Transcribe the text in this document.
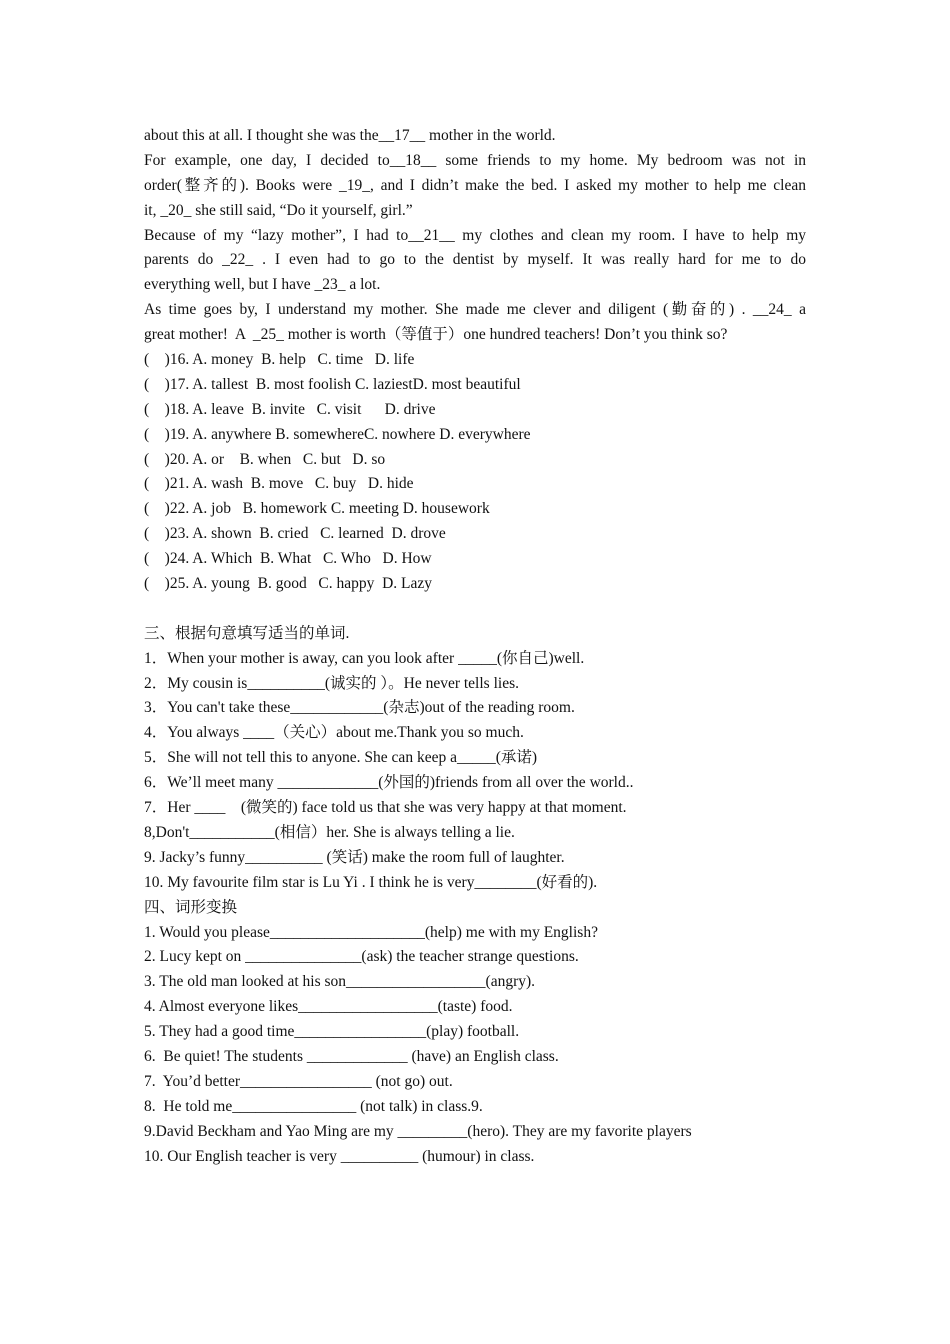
about this at all. I thought she was the__17__ mother in the world.
For example, one day, I decided to__18__ some friends to my home. My bedroom was not in
order(整齐的). Books were _19_, and I didn’t make the bed. I asked my mother to help me clean
it, _20_ she still said, “Do it yourself, girl.”
Because of my “lazy mother”, I had to__21__ my clothes and clean my room. I have to help my
parents do _22_ . I even had to go to the dentist by myself. It was really hard for me to do
everything well, but I have _23_ a lot.
As time goes by, I understand my mother. She made me clever and diligent (勤奋的) . __24_ a
great mother!  A  _25_ mother is worth（等值于）one hundred teachers! Don’t you think so?
(    )16. A. money  B. help   C. time   D. life
(    )17. A. tallest  B. most foolish C. laziestD. most beautiful
(    )18. A. leave  B. invite   C. visit      D. drive
(    )19. A. anywhere B. somewhereC. nowhere D. everywhere
(    )20. A. or    B. when   C. but   D. so
(    )21. A. wash  B. move   C. buy   D. hide
(    )22. A. job   B. homework C. meeting D. housework
(    )23. A. shown  B. cried   C. learned  D. drove
(    )24. A. Which  B. What   C. Who   D. How
(    )25. A. young  B. good   C. happy  D. Lazy
三、根据句意填写适当的单词.
1．When your mother is away, can you look after _____(你自己)well.
2．My cousin is__________(诚实的 ）。He never tells lies.
3．You can't take these____________(杂志)out of the reading room.
4．You always ____（关心）about me.Thank you so much.
5．She will not tell this to anyone. She can keep a_____(承诺)
6．We’ll meet many _____________(外国的)friends from all over the world..
7．Her ____    (微笑的) face told us that she was very happy at that moment.
8,Don't___________(相信）her. She is always telling a lie.
9. Jacky’s funny__________ (笑话) make the room full of laughter.
10. My favourite film star is Lu Yi . I think he is very________(好看的).
四、词形变换
1. Would you please____________________(help) me with my English?
2. Lucy kept on _______________(ask) the teacher strange questions.
3. The old man looked at his son__________________(angry).
4. Almost everyone likes__________________(taste) food.
5. They had a good time_________________(play) football.
6.  Be quiet! The students _____________ (have) an English class.
7.  You’d better_________________ (not go) out.
8.  He told me________________ (not talk) in class.9.
9.David Beckham and Yao Ming are my _________(hero). They are my favorite players
10. Our English teacher is very __________ (humour) in class.
